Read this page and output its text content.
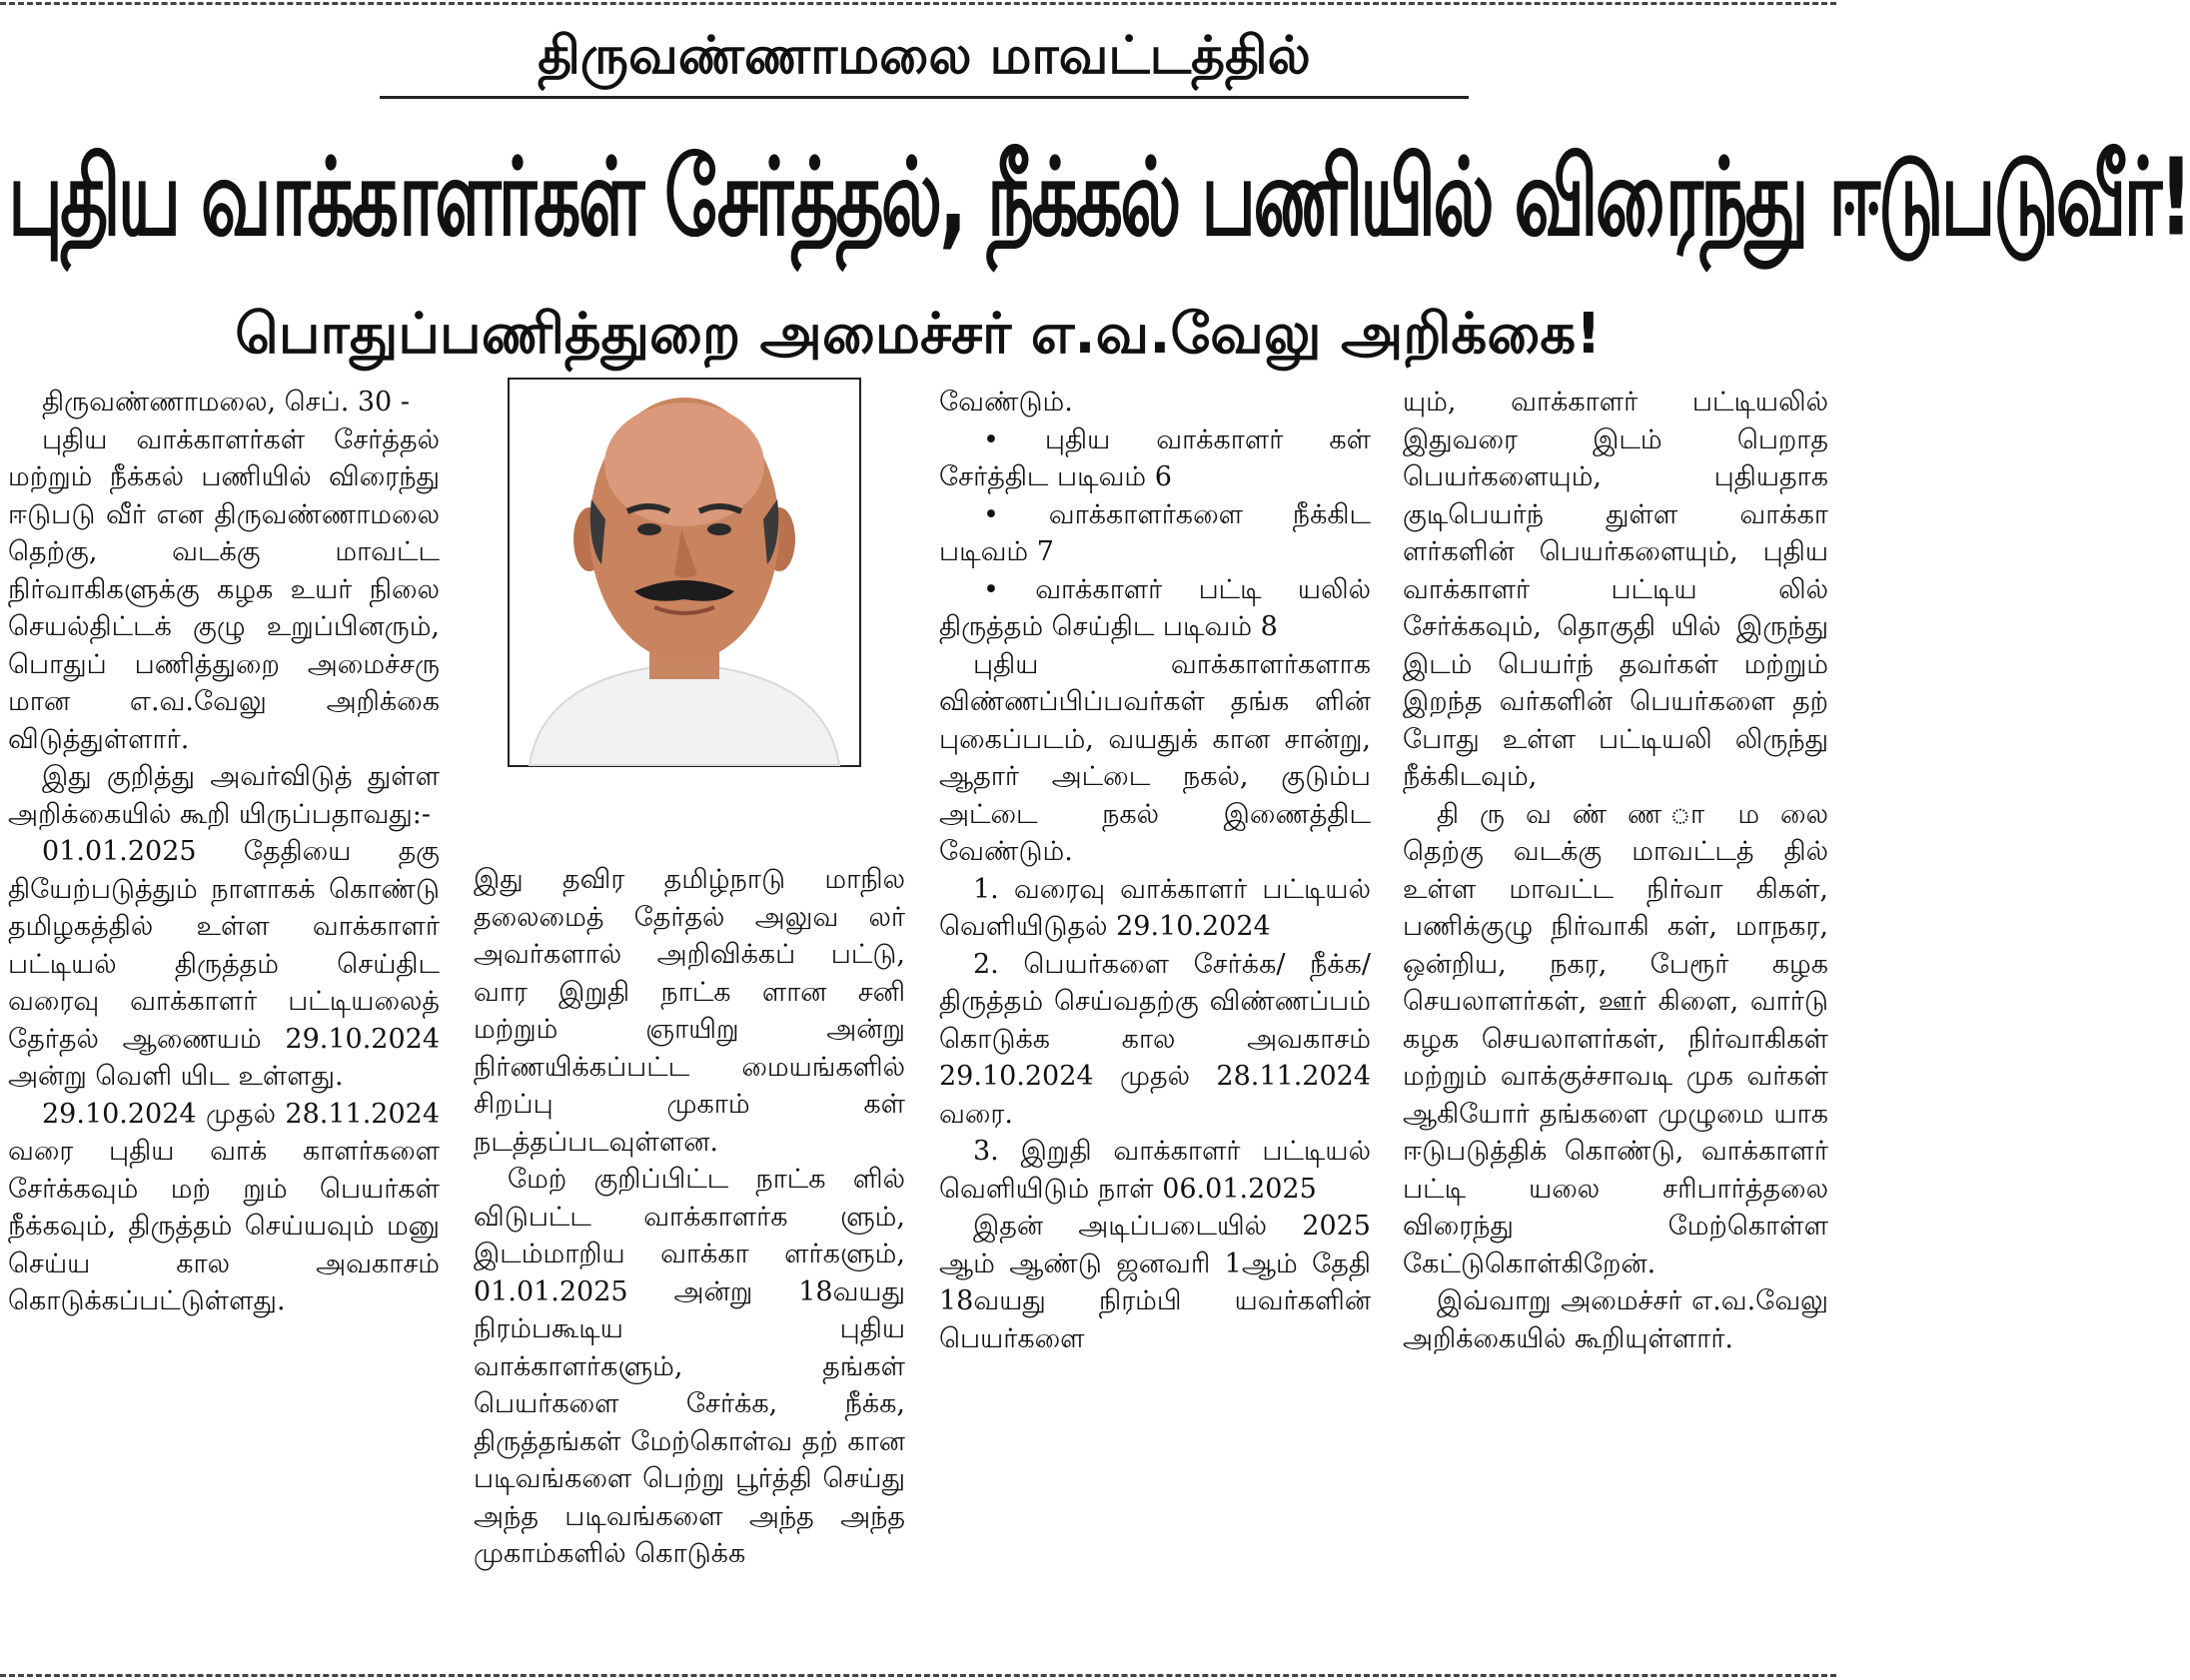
திருவண்ணாமலை மாவட்டத்தில்
புதிய வாக்காளர்கள் சேர்த்தல், நீக்கல் பணியில் விரைந்து ஈடுபடுவீர்!
பொதுப்பணித்துறை அமைச்சர் எ.வ.வேலு அறிக்கை!

திருவண்ணாமலை, செப். 30 -

புதிய வாக்காளர்கள் சேர்த்தல் மற்றும் நீக்கல் பணியில் விரைந்து ஈடுபடு வீர் என திருவண்ணாமலை தெற்கு, வடக்கு மாவட்ட நிர்வாகிகளுக்கு கழக உயர் நிலை செயல்திட்டக் குழு உறுப்பினரும், பொதுப் பணித்துறை அமைச்சரு மான எ.வ.வேலு அறிக்கை விடுத்துள்ளார்.

இது குறித்து அவர்விடுத் துள்ள அறிக்கையில் கூறி யிருப்பதாவது:-

01.01.2025 தேதியை தகு தியேற்படுத்தும் நாளாகக் கொண்டு தமிழகத்தில் உள்ள வாக்காளர் பட்டியல் திருத்தம் செய்திட வரைவு வாக்காளர் பட்டியலைத் தேர்தல் ஆணையம் 29.10.2024 அன்று வெளி யிட உள்ளது.

29.10.2024 முதல் 28.11.2024 வரை புதிய வாக் காளர்களை சேர்க்கவும் மற் றும் பெயர்கள் நீக்கவும், திருத்தம் செய்யவும் மனு செய்ய கால அவகாசம் கொடுக்கப்பட்டுள்ளது.

இது தவிர தமிழ்நாடு மாநில தலைமைத் தேர்தல் அலுவ லர் அவர்களால் அறிவிக்கப் பட்டு, வார இறுதி நாட்க ளான சனி மற்றும் ஞாயிறு அன்று நிர்ணயிக்கப்பட்ட மையங்களில் சிறப்பு முகாம் கள் நடத்தப்படவுள்ளன.

மேற் குறிப்பிட்ட நாட்க ளில் விடுபட்ட வாக்காளர்க ளும், இடம்மாறிய வாக்கா ளர்களும், 01.01.2025 அன்று 18வயது நிரம்பகூடிய புதிய வாக்காளர்களும், தங்கள் பெயர்களை சேர்க்க, நீக்க, திருத்தங்கள் மேற்கொள்வ தற் கான படிவங்களை பெற்று பூர்த்தி செய்து அந்த படிவங்களை அந்த அந்த முகாம்களில் கொடுக்க

வேண்டும்.

• புதிய வாக்காளர் கள் சேர்த்திட படிவம் 6

• வாக்காளர்களை நீக்கிட படிவம் 7

• வாக்காளர் பட்டி யலில் திருத்தம் செய்திட படிவம் 8

புதிய வாக்காளர்களாக விண்ணப்பிப்பவர்கள் தங்க ளின் புகைப்படம், வயதுக் கான சான்று, ஆதார் அட்டை நகல், குடும்ப அட்டை நகல் இணைத்திட வேண்டும்.

1. வரைவு வாக்காளர் பட்டியல் வெளியிடுதல் 29.10.2024

2. பெயர்களை சேர்க்க/ நீக்க/ திருத்தம் செய்வதற்கு விண்ணப்பம் கொடுக்க கால அவகாசம் 29.10.2024 முதல் 28.11.2024 வரை.

3. இறுதி வாக்காளர் பட்டியல் வெளியிடும் நாள் 06.01.2025

இதன் அடிப்படையில் 2025 ஆம் ஆண்டு ஜனவரி 1ஆம் தேதி 18வயது நிரம்பி யவர்களின் பெயர்களை

யும், வாக்காளர் பட்டியலில் இதுவரை இடம் பெறாத பெயர்களையும், புதியதாக குடிபெயர்ந் துள்ள வாக்கா ளர்களின் பெயர்களையும், புதிய வாக்காளர் பட்டிய லில் சேர்க்கவும், தொகுதி யில் இருந்து இடம் பெயர்ந் தவர்கள் மற்றும் இறந்த வர்களின் பெயர்களை தற் போது உள்ள பட்டியலி லிருந்து நீக்கிடவும்,

தி ரு வ ண் ண ா ம லை தெற்கு வடக்கு மாவட்டத் தில் உள்ள மாவட்ட நிர்வா கிகள், பணிக்குழு நிர்வாகி கள், மாநகர, ஒன்றிய, நகர, பேரூர் கழக செயலாளர்கள், ஊர் கிளை, வார்டு கழக செயலாளர்கள், நிர்வாகிகள் மற்றும் வாக்குச்சாவடி முக வர்கள் ஆகியோர் தங்களை முழுமை யாக ஈடுபடுத்திக் கொண்டு, வாக்காளர் பட்டி யலை சரிபார்த்தலை விரைந்து மேற்கொள்ள கேட்டுகொள்கிறேன்.

இவ்வாறு அமைச்சர் எ.வ.வேலு அறிக்கையில் கூறியுள்ளார்.
